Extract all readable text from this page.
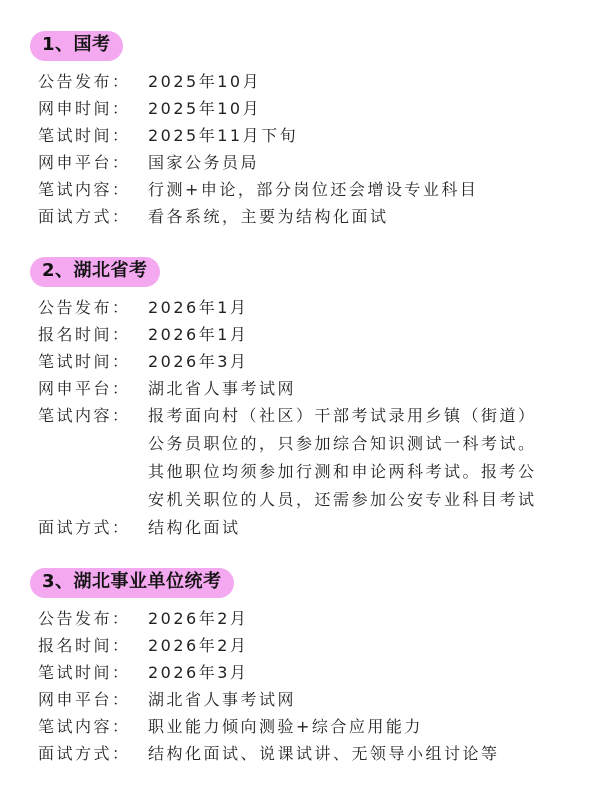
1、国考
公告发布：	2025年10月
网申时间：	2025年10月
笔试时间：	2025年11月下旬
网申平台：	国家公务员局
笔试内容：	行测+申论，部分岗位还会增设专业科目
面试方式：	看各系统，主要为结构化面试
2、湖北省考
公告发布：	2026年1月
报名时间：	2026年1月
笔试时间：	2026年3月
网申平台：	湖北省人事考试网
笔试内容：	报考面向村（社区）干部考试录用乡镇（街道）公务员职位的，只参加综合知识测试一科考试。其他职位均须参加行测和申论两科考试。报考公安机关职位的人员，还需参加公安专业科目考试
面试方式：	结构化面试
3、湖北事业单位统考
公告发布：	2026年2月
报名时间：	2026年2月
笔试时间：	2026年3月
网申平台：	湖北省人事考试网
笔试内容：	职业能力倾向测验+综合应用能力
面试方式：	结构化面试、说课试讲、无领导小组讨论等
